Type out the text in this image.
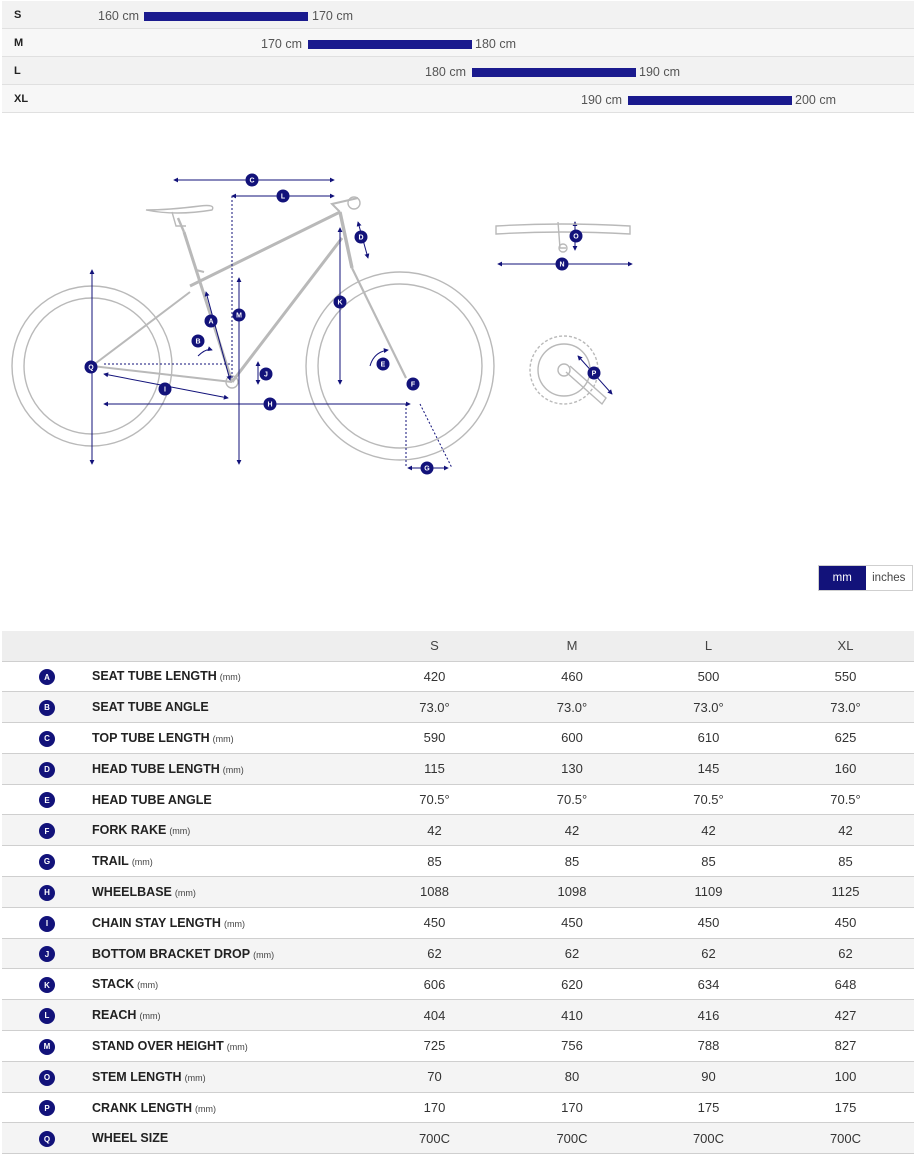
S	160 cm	170 cm
M	170 cm	180 cm
L	180 cm	190 cm
XL	190 cm	200 cm
A
B
C
D
E
F
G
H
I
J
K
L
M
N
O
P
Q
mm	inches
		S	M	L	XL
A	SEAT TUBE LENGTH (mm)	420	460	500	550
B	SEAT TUBE ANGLE	73.0°	73.0°	73.0°	73.0°
C	TOP TUBE LENGTH (mm)	590	600	610	625
D	HEAD TUBE LENGTH (mm)	115	130	145	160
E	HEAD TUBE ANGLE	70.5°	70.5°	70.5°	70.5°
F	FORK RAKE (mm)	42	42	42	42
G	TRAIL (mm)	85	85	85	85
H	WHEELBASE (mm)	1088	1098	1109	1125
I	CHAIN STAY LENGTH (mm)	450	450	450	450
J	BOTTOM BRACKET DROP (mm)	62	62	62	62
K	STACK (mm)	606	620	634	648
L	REACH (mm)	404	410	416	427
M	STAND OVER HEIGHT (mm)	725	756	788	827
O	STEM LENGTH (mm)	70	80	90	100
P	CRANK LENGTH (mm)	170	170	175	175
Q	WHEEL SIZE	700C	700C	700C	700C
